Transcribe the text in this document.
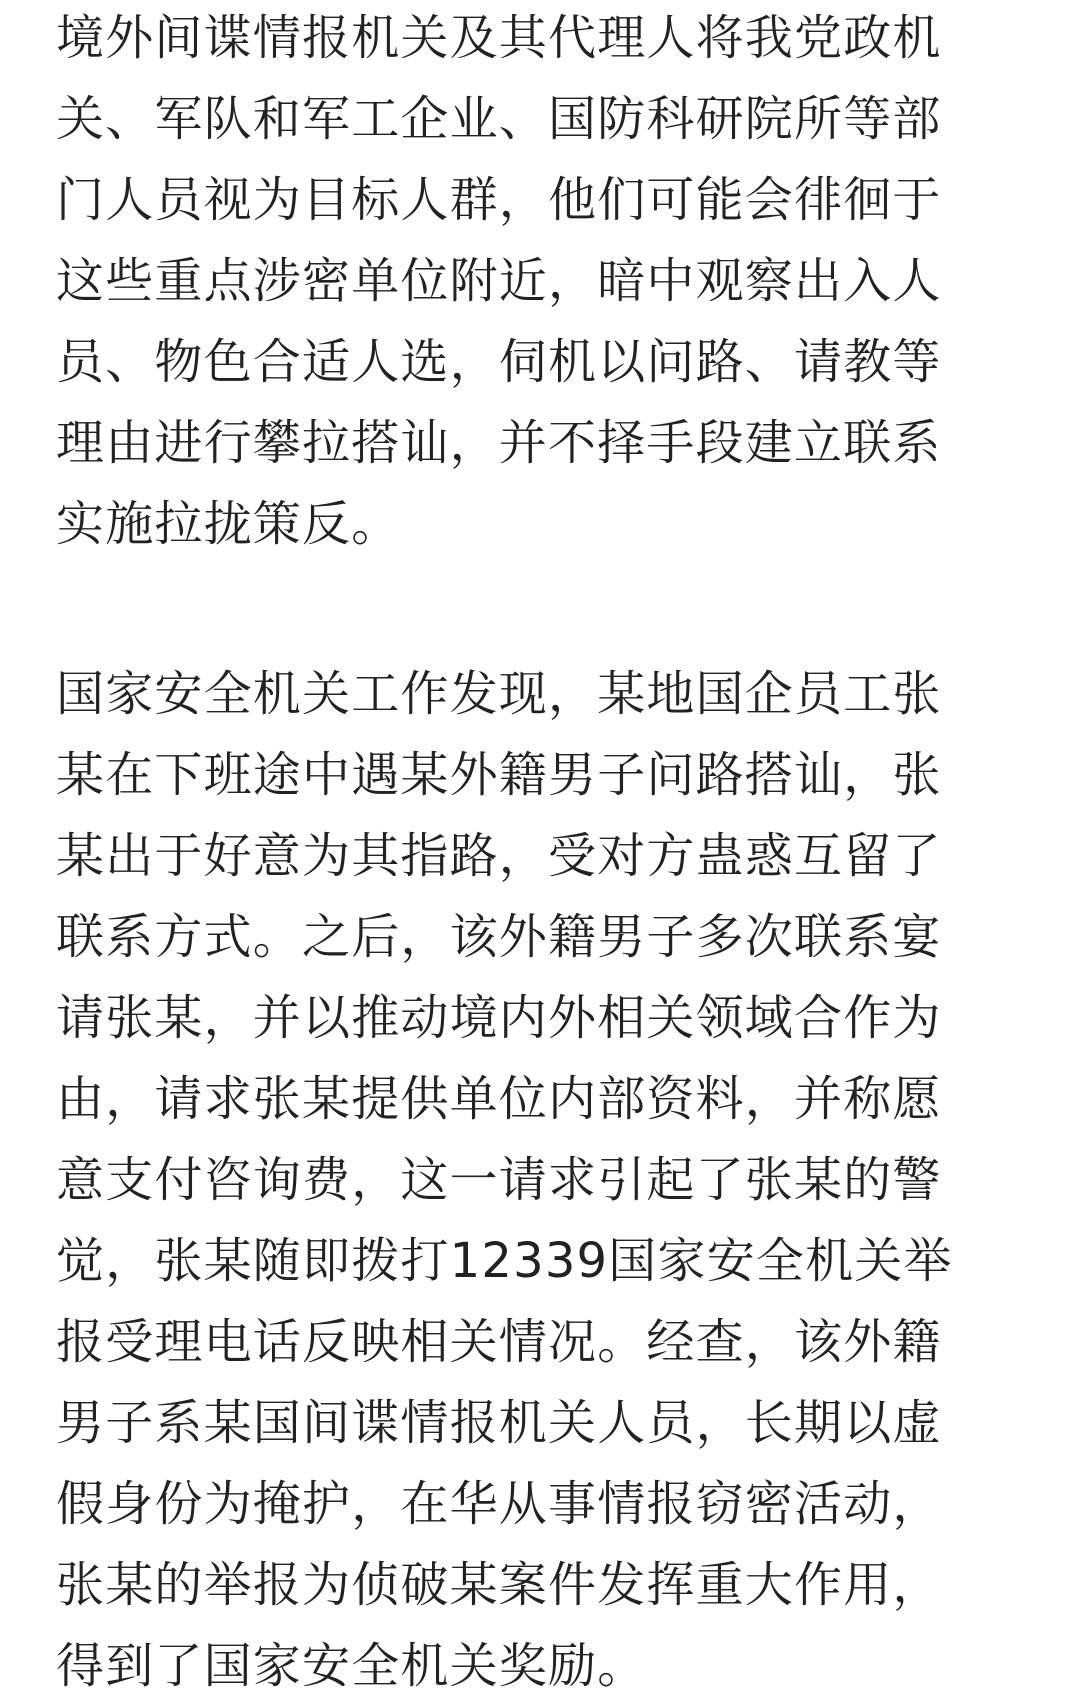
境外间谍情报机关及其代理人将我党政机
关、军队和军工企业、国防科研院所等部
门人员视为目标人群，他们可能会徘徊于
这些重点涉密单位附近，暗中观察出入人
员、物色合适人选，伺机以问路、请教等
理由进行攀拉搭讪，并不择手段建立联系
实施拉拢策反。

国家安全机关工作发现，某地国企员工张
某在下班途中遇某外籍男子问路搭讪，张
某出于好意为其指路，受对方蛊惑互留了
联系方式。之后，该外籍男子多次联系宴
请张某，并以推动境内外相关领域合作为
由，请求张某提供单位内部资料，并称愿
意支付咨询费，这一请求引起了张某的警
觉，张某随即拨打12339国家安全机关举
报受理电话反映相关情况。经查，该外籍
男子系某国间谍情报机关人员，长期以虚
假身份为掩护，在华从事情报窃密活动，
张某的举报为侦破某案件发挥重大作用，
得到了国家安全机关奖励。
